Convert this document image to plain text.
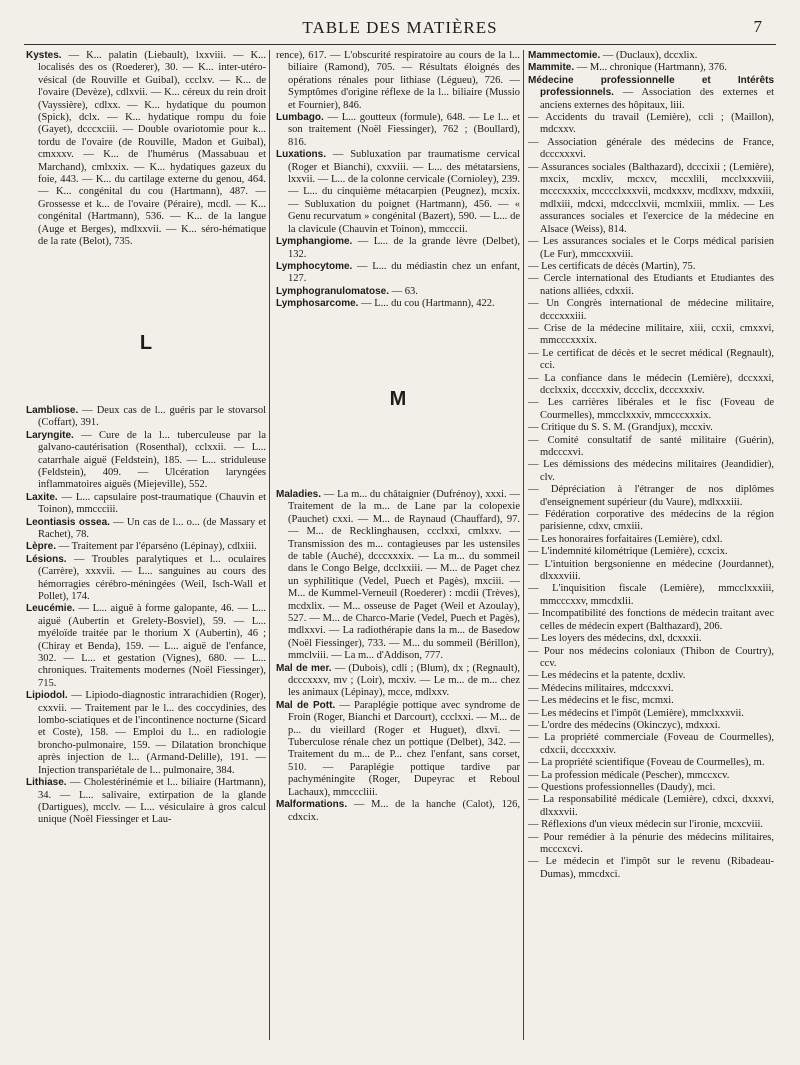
TABLE DES MATIÈRES	7

Kystes. — K... palatin (Liebault), lxxviii. — K... localisés des os (Roederer), 30. — K... inter-utéro-vésical (de Rouville et Guibal), ccclxv. — K... de l'ovaire (Devèze), cdlxvii. — K... céreux du rein droit (Vayssière), cdlxx. — K... hydatique du poumon (Spick), dclx. — K... hydatique rompu du foie (Gayet), dcccxciii. — Double ovariotomie pour k... tordu de l'ovaire (de Rouville, Madon et Guibal), cmxxxv. — K... de l'humérus (Massabuau et Marchand), cmlxxix. — K... hydatiques gazeux du foie, 443. — K... du cartilage externe du genou, 464. — K... congénital du cou (Hartmann), 487. — Grossesse et k... de l'ovaire (Péraire), mcdl. — K... congénital (Hartmann), 536. — K... de la langue (Auge et Berges), mdlxxvii. — K... séro-hématique de la rate (Belot), 735.

L

Lambliose. — Deux cas de l... guéris par le stovarsol (Coffart), 391.

Laryngite. — Cure de la l... tuberculeuse par la galvano-cautérisation (Rosenthal), cclxxii. — L... catarrhale aiguë (Feldstein), 185. — L... striduleuse (Feldstein), 409. — Ulcération laryngées inflammatoires aiguës (Miejeville), 552.

Laxite. — L... capsulaire post-traumatique (Chauvin et Toinon), mmccciii.

Leontiasis ossea. — Un cas de l... o... (de Massary et Rachet), 78.

Lèpre. — Traitement par l'éparséno (Lépinay), cdlxiii.

Lésions. — Troubles paralytiques et l... oculaires (Carrère), xxxvii. — L... sanguines au cours des hémorragies cérébro-méningées (Weil, Isch-Wall et Pollet), 174.

Leucémie. — L... aiguë à forme galopante, 46. — L... aiguë (Aubertin et Grelety-Bosviel), 59. — L... myéloïde traitée par le thorium X (Aubertin), 46 ; (Chiray et Benda), 159. — L... aiguë de l'enfance, 302. — L... et gestation (Vignes), 680. — L... chroniques. Traitements modernes (Noël Fiessinger), 715.

Lipiodol. — Lipiodo-diagnostic intrarachidien (Roger), cxxvii. — Traitement par le l... des coccydinies, des lombo-sciatiques et de l'incontinence nocturne (Sicard et Coste), 158. — Emploi du l... en radiologie broncho-pulmonaire, 159. — Dilatation bronchique après injection de l... (Armand-Delille), 191. — Injection transpariétale de l... pulmonaire, 384.

Lithiase. — Cholestérinémie et l... biliaire (Hartmann), 34. — L... salivaire, extirpation de la glande (Dartigues), mcclv. — L... vésiculaire à gros calcul unique (Noël Fiessinger et Lau-

rence), 617. — L'obscurité respiratoire au cours de la l... biliaire (Ramond), 705. — Résultats éloignés des opérations rénales pour lithiase (Légueu), 726. — Symptômes d'origine réflexe de la l... biliaire (Mussio et Fournier), 846.

Lumbago. — L... goutteux (formule), 648. — Le l... et son traitement (Noël Fiessinger), 762 ; (Boullard), 816.

Luxations. — Subluxation par traumatisme cervical (Roger et Bianchi), cxxviii. — L... des métatarsiens, lxxvii. — L... de la colonne cervicale (Cornioley), 239. — L... du cinquième métacarpien (Peugnez), mcxix. — Subluxation du poignet (Hartmann), 456. — « Genu recurvatum » congénital (Bazert), 590. — L... de la clavicule (Chauvin et Toinon), mmcccii.

Lymphangiome. — L... de la grande lèvre (Delbet), 132.

Lymphocytome. — L... du médiastin chez un enfant, 127.

Lymphogranulomatose. — 63.

Lymphosarcome. — L... du cou (Hartmann), 422.

M

Maladies. — La m... du châtaignier (Dufrénoy), xxxi. — Traitement de la m... de Lane par la colopexie (Pauchet) cxxi. — M... de Raynaud (Chauffard), 97. — M... de Recklinghausen, ccclxxi, cmlxxv. — Transmission des m... contagieuses par les ustensiles de table (Auché), dcccxxxix. — La m... du sommeil dans le Congo Belge, dcclxxiii. — M... de Paget chez un syphilitique (Vedel, Puech et Pagès), mxciii. — M... de Kummel-Verneuil (Roederer) : mcdii (Trèves), mcdxlix. — M... osseuse de Paget (Weil et Azoulay), 527. — M... de Charco-Marie (Vedel, Puech et Pagès), mdlxxvi. — La radiothérapie dans la m... de Basedow (Noël Fiessinger), 733. — M... du sommeil (Bérillon), mmclviii. — La m... d'Addison, 777.

Mal de mer. — (Dubois), cdli ; (Blum), dx ; (Regnault), dcccxxxv, mv ; (Loir), mcxiv. — Le m... de m... chez les animaux (Lépinay), mcce, mdlxxv.

Mal de Pott. — Paraplégie pottique avec syndrome de Froin (Roger, Bianchi et Darcourt), ccclxxi. — M... de p... du vieillard (Roger et Huguet), dlxvi. — Tuberculose rénale chez un pottique (Delbet), 342. — Traitement du m... de P... chez l'enfant, sans corset, 510. — Paraplégie pottique tardive par pachyméningite (Roger, Dupeyrac et Reboul Lachaux), mmcccliii.

Malformations. — M... de la hanche (Calot), 126, cdxcix.

Mammectomie. — (Duclaux), dccxlix.

Mammite. — M... chronique (Hartmann), 376.

Médecine professionnelle et Intérêts professionnels. — Association des externes et anciens externes des hôpitaux, liii.

— Accidents du travail (Lemière), ccli ; (Maillon), mdcxxv.

— Association générale des médecins de France, dcccxxxvi.

— Assurances sociales (Balthazard), dcccixii ; (Lemière), mxcix, mcxliv, mcxcv, mccxlili, mcclxxxviii, mcccxxxix, mcccclxxxvii, mcdxxxv, mcdlxxv, mdxxiii, mdlxiii, mdcxi, mdccclxvii, mcmlxiii, mmlix. — Les assurances sociales et l'exercice de la médecine en Alsace (Weiss), 814.

— Les assurances sociales et le Corps médical parisien (Le Fur), mmccxxviii.

— Les certificats de décès (Martin), 75.

— Cercle international des Etudiants et Etudiantes des nations alliées, cdxxii.

— Un Congrès international de médecine militaire, dcccxxxiii.

— Crise de la médecine militaire, xiii, ccxii, cmxxvi, mmcccxxxix.

— Le certificat de décès et le secret médical (Regnault), cci.

— La confiance dans le médecin (Lemière), dccxxxi, dcclxxix, dcccxxiv, dccclix, dcccxxxiv.

— Les carrières libérales et le fisc (Foveau de Courmelles), mmcclxxxiv, mmcccxxxix.

— Critique du S. S. M. (Grandjux), mccxiv.

— Comité consultatif de santé militaire (Guérin), mdcccxvi.

— Les démissions des médecins militaires (Jeandidier), clv.

— Dépréciation à l'étranger de nos diplômes d'enseignement supérieur (du Vaure), mdlxxxiii.

— Fédération corporative des médecins de la région parisienne, cdxv, cmxiii.

— Les honoraires forfaitaires (Lemière), cdxl.

— L'indemnité kilométrique (Lemière), ccxcix.

— L'intuition bergsonienne en médecine (Jourdannet), dlxxxviii.

— L'inquisition fiscale (Lemière), mmcclxxxiii, mmcccxxv, mmcdxlii.

— Incompatibilité des fonctions de médecin traitant avec celles de médecin expert (Balthazard), 206.

— Les loyers des médecins, dxl, dcxxxii.

— Pour nos médecins coloniaux (Thibon de Courtry), ccv.

— Les médecins et la patente, dcxliv.

— Médecins militaires, mdccxxvi.

— Les médecins et le fisc, mcmxi.

— Les médecins et l'impôt (Lemière), mmclxxxvii.

— L'ordre des médecins (Okinczyc), mdxxxi.

— La propriété commerciale (Foveau de Courmelles), cdxcii, dcccxxxiv.

— La propriété scientifique (Foveau de Courmelles), m.

— La profession médicale (Pescher), mmccxcv.

— Questions professionnelles (Daudy), mci.

— La responsabilité médicale (Lemière), cdxci, dxxxvi, dlxxxvii.

— Réflexions d'un vieux médecin sur l'ironie, mcxcviii.

— Pour remédier à la pénurie des médecins militaires, mcccxcvi.

— Le médecin et l'impôt sur le revenu (Ribadeau-Dumas), mmcdxci.
